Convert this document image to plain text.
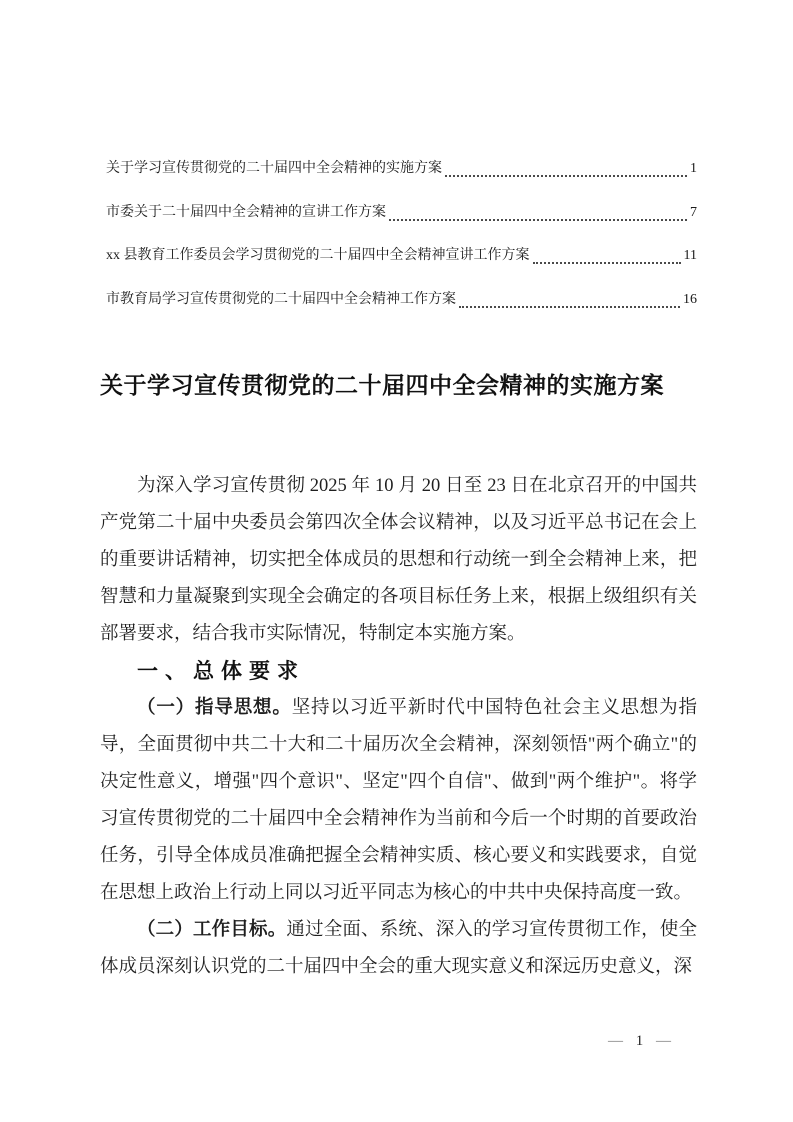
关于学习宣传贯彻党的二十届四中全会精神的实施方案	1
市委关于二十届四中全会精神的宣讲工作方案	7
xx 县教育工作委员会学习贯彻党的二十届四中全会精神宣讲工作方案	11
市教育局学习宣传贯彻党的二十届四中全会精神工作方案	16
关于学习宣传贯彻党的二十届四中全会精神的实施方案

为深入学习宣传贯彻 2025 年 10 月 20 日至 23 日在北京召开的中国共产党第二十届中央委员会第四次全体会议精神，以及习近平总书记在会上的重要讲话精神，切实把全体成员的思想和行动统一到全会精神上来，把智慧和力量凝聚到实现全会确定的各项目标任务上来，根据上级组织有关部署要求，结合我市实际情况，特制定本实施方案。

一、总体要求

（一）指导思想。坚持以习近平新时代中国特色社会主义思想为指导，全面贯彻中共二十大和二十届历次全会精神，深刻领悟"两个确立"的决定性意义，增强"四个意识"、坚定"四个自信"、做到"两个维护"。将学习宣传贯彻党的二十届四中全会精神作为当前和今后一个时期的首要政治任务，引导全体成员准确把握全会精神实质、核心要义和实践要求，自觉在思想上政治上行动上同以习近平同志为核心的中共中央保持高度一致。

（二）工作目标。通过全面、系统、深入的学习宣传贯彻工作，使全体成员深刻认识党的二十届四中全会的重大现实意义和深远历史意义，深

— 1 —
